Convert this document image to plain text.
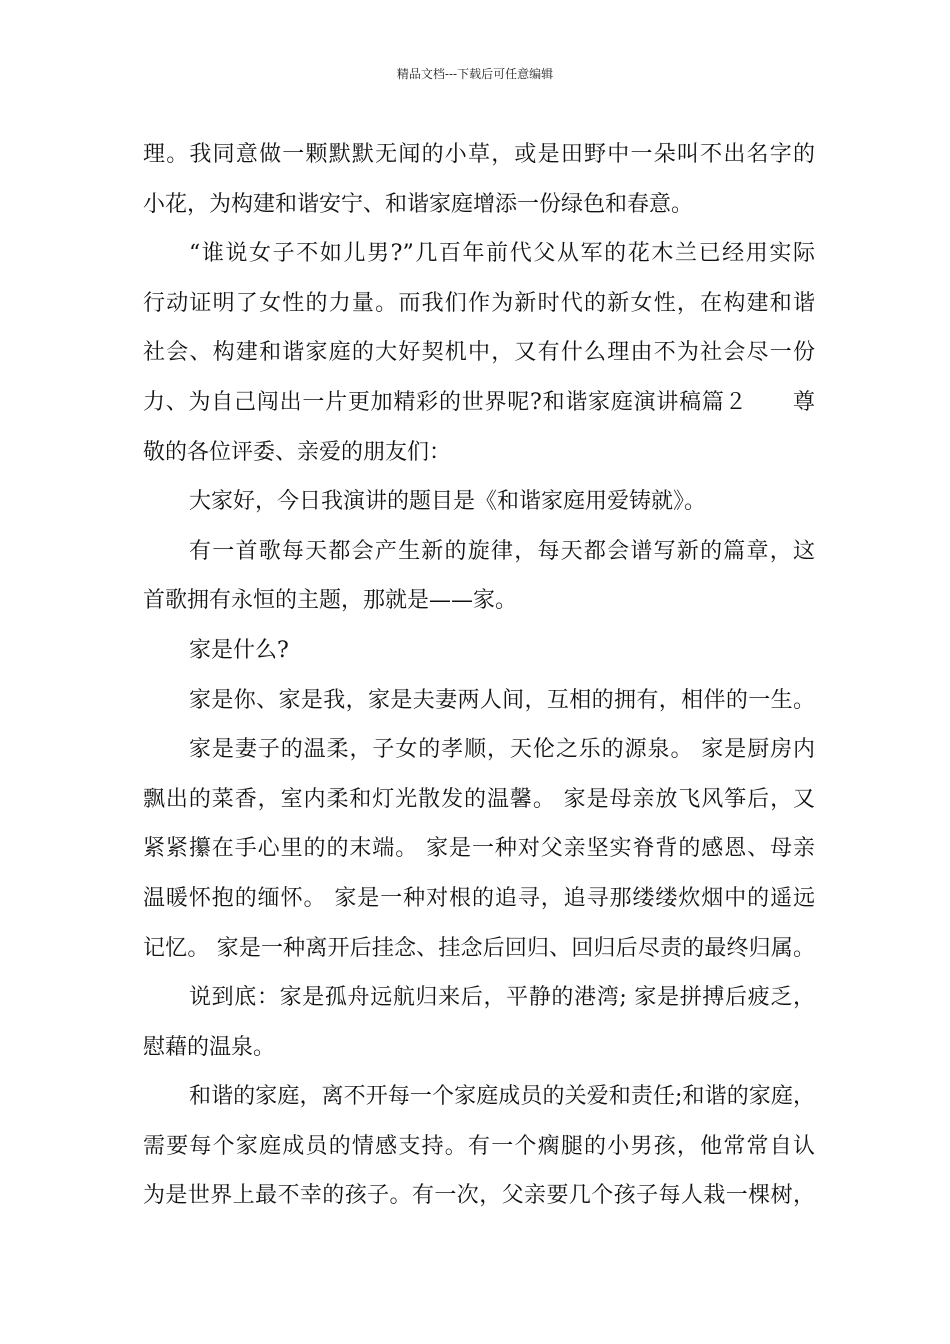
精品文档---下载后可任意编辑
理。我同意做一颗默默无闻的小草，或是田野中一朵叫不出名字的
小花，为构建和谐安宁、和谐家庭增添一份绿色和春意。
“谁说女子不如儿男?”几百年前代父从军的花木兰已经用实际
行动证明了女性的力量。而我们作为新时代的新女性，在构建和谐
社会、构建和谐家庭的大好契机中，又有什么理由不为社会尽一份
力、为自己闯出一片更加精彩的世界呢?和谐家庭演讲稿篇２　　尊
敬的各位评委、亲爱的朋友们：
大家好，今日我演讲的题目是《和谐家庭用爱铸就》。
有一首歌每天都会产生新的旋律，每天都会谱写新的篇章，这
首歌拥有永恒的主题，那就是——家。
家是什么?
家是你、家是我，家是夫妻两人间，互相的拥有，相伴的一生。
家是妻子的温柔，子女的孝顺，天伦之乐的源泉。 家是厨房内
飘出的菜香，室内柔和灯光散发的温馨。 家是母亲放飞风筝后，又
紧紧攥在手心里的的末端。 家是一种对父亲坚实脊背的感恩、母亲
温暖怀抱的缅怀。 家是一种对根的追寻，追寻那缕缕炊烟中的遥远
记忆。 家是一种离开后挂念、挂念后回归、回归后尽责的最终归属。
说到底：家是孤舟远航归来后，平静的港湾; 家是拼搏后疲乏，
慰藉的温泉。
和谐的家庭，离不开每一个家庭成员的关爱和责任;和谐的家庭，
需要每个家庭成员的情感支持。有一个瘸腿的小男孩，他常常自认
为是世界上最不幸的孩子。有一次，父亲要几个孩子每人栽一棵树，
